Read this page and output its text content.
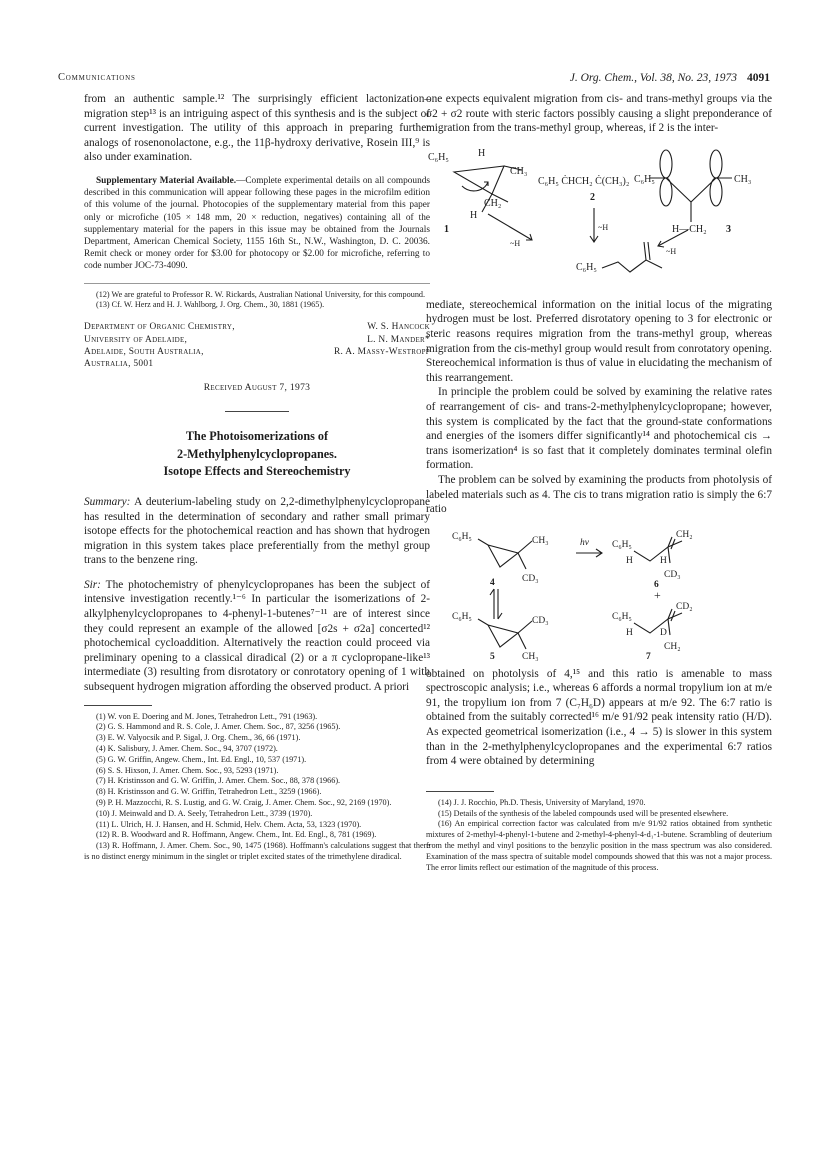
Communications	J. Org. Chem., Vol. 38, No. 23, 1973 4091

from an authentic sample.¹² The surprisingly efficient lactonization–migration step¹³ is an intriguing aspect of this synthesis and is the subject of current investigation. The utility of this approach in preparing further analogs of rosenonolactone, e.g., the 11β-hydroxy derivative, Rosein III,⁹ is also under examination.

Supplementary Material Available.—Complete experimental details on all compounds described in this communication will appear following these pages in the microfilm edition of this volume of the journal. Photocopies of the supplementary material from this paper only or microfiche (105 × 148 mm, 20 × reduction, negatives) containing all of the supplementary material for the papers in this issue may be obtained from the Journals Department, American Chemical Society, 1155 16th St., N.W., Washington, D. C. 20036. Remit check or money order for $3.00 for photocopy or $2.00 for microfiche, referring to code number JOC-73-4090.

(12) We are grateful to Professor R. W. Rickards, Australian National University, for this compound.

(13) Cf. W. Herz and H. J. Wahlborg, J. Org. Chem., 30, 1881 (1965).

Department of Organic Chemistry,
University of Adelaide,
Adelaide, South Australia,
Australia, 5001
W. S. Hancock
L. N. Mander*
R. A. Massy-Westropp
Received August 7, 1973
The Photoisomerizations of
2-Methylphenylcyclopropanes.
Isotope Effects and Stereochemistry

Summary: A deuterium-labeling study on 2,2-dimethylphenylcyclopropane has resulted in the determination of secondary and rather small primary isotope effects for the photochemical reaction and has shown that hydrogen migration in this system takes place preferentially from the methyl group trans to the benzene ring.

Sir: The photochemistry of phenylcyclopropanes has been the subject of intensive investigation recently.¹⁻⁶ In particular the isomerizations of 2-alkylphenylcyclopropanes to 4-phenyl-1-butenes⁷⁻¹¹ are of interest since they could represent an example of the allowed [σ2s + σ2a] concerted¹² photochemical cycloaddition. Alternatively the reaction could proceed via preliminary opening to a classical diradical (2) or a π cyclopropane-like¹³ intermediate (3) resulting from disrotatory or conrotatory opening of 1 with subsequent hydrogen migration affording the observed product. A priori

(1) W. von E. Doering and M. Jones, Tetrahedron Lett., 791 (1963).

(2) G. S. Hammond and R. S. Cole, J. Amer. Chem. Soc., 87, 3256 (1965).

(3) E. W. Valyocsik and P. Sigal, J. Org. Chem., 36, 66 (1971).

(4) K. Salisbury, J. Amer. Chem. Soc., 94, 3707 (1972).

(5) G. W. Griffin, Angew. Chem., Int. Ed. Engl., 10, 537 (1971).

(6) S. S. Hixson, J. Amer. Chem. Soc., 93, 5293 (1971).

(7) H. Kristinsson and G. W. Griffin, J. Amer. Chem. Soc., 88, 378 (1966).

(8) H. Kristinsson and G. W. Griffin, Tetrahedron Lett., 3259 (1966).

(9) P. H. Mazzocchi, R. S. Lustig, and G. W. Craig, J. Amer. Chem. Soc., 92, 2169 (1970).

(10) J. Meinwald and D. A. Seely, Tetrahedron Lett., 3739 (1970).

(11) L. Ulrich, H. J. Hansen, and H. Schmid, Helv. Chem. Acta, 53, 1323 (1970).

(12) R. B. Woodward and R. Hoffmann, Angew. Chem., Int. Ed. Engl., 8, 781 (1969).

(13) R. Hoffmann, J. Amer. Chem. Soc., 90, 1475 (1968). Hoffmann's calculations suggest that there is no distinct energy minimum in the singlet or triplet excited states of the trimethylene diradical.

one expects equivalent migration from cis- and trans-methyl groups via the σ2 + σ2 route with steric factors possibly causing a slight preponderance of migration from the trans-methyl group, whereas, if 2 is the inter-

C₆H₅	H
CH₃
CH₂
H
C₆H₅ ĊHCH₂ Ċ(CH₃)₂ C₆H₅	CH₃
H—CH₂
C₆H₅
~H
~H
~H
1
2
3

mediate, stereochemical information on the initial locus of the migrating hydrogen must be lost. Preferred disrotatory opening to 3 for electronic or steric reasons requires migration from the trans-methyl group, whereas migration from the cis-methyl group would result from conrotatory opening. Stereochemical information is thus of value in elucidating the mechanism of this rearrangement.

In principle the problem could be solved by examining the relative rates of rearrangement of cis- and trans-2-methylphenylcyclopropane; however, this system is complicated by the fact that the ground-state conformations and energies of the isomers differ significantly¹⁴ and photochemical cis → trans isomerization⁴ is so fast that it completely dominates terminal olefin formation.

The problem can be solved by examining the products from photolysis of labeled materials such as 4. The cis to trans migration ratio is simply the 6:7 ratio

C₆H₅	CH₃
CD₃
hν C₆H₅
CH₂
H	H
CD₃
+
C₆H₅	CD₃
CH₃
C₆H₅
CD₂
H	D
CH₂
4
5
6
7

obtained on photolysis of 4,¹⁵ and this ratio is amenable to mass spectroscopic analysis; i.e., whereas 6 affords a normal tropylium ion at m/e 91, the tropylium ion from 7 (C₇H₆D) appears at m/e 92. The 6:7 ratio is obtained from the suitably corrected¹⁶ m/e 91/92 peak intensity ratio (H/D). As expected geometrical isomerization (i.e., 4 → 5) is slower in this system than in the 2-methylphenylcyclopropanes and the experimental 6:7 ratios from 4 were obtained by determining

(14) J. J. Rocchio, Ph.D. Thesis, University of Maryland, 1970.

(15) Details of the synthesis of the labeled compounds used will be presented elsewhere.

(16) An empirical correction factor was calculated from m/e 91/92 ratios obtained from synthetic mixtures of 2-methyl-4-phenyl-1-butene and 2-methyl-4-phenyl-4-d₁-1-butene. Scrambling of deuterium from the methyl and vinyl positions to the benzylic position in the mass spectrum was also considered. Examination of the mass spectra of suitable model compounds showed that this was not a major process. The error limits reflect our estimation of the magnitude of this process.
